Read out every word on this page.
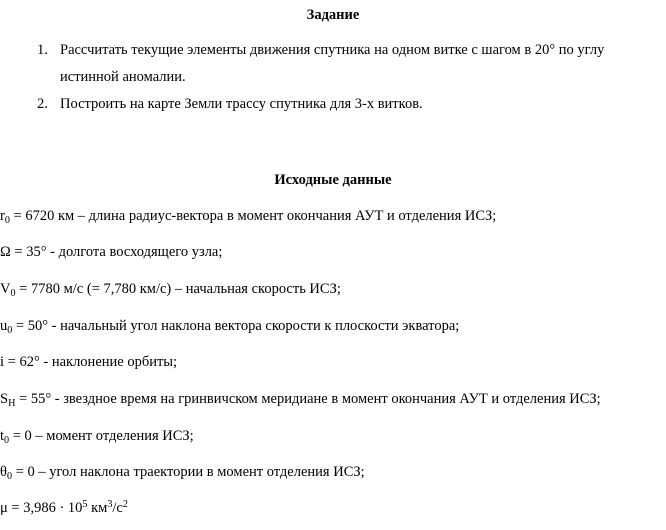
Задание
1. Рассчитать текущие элементы движения спутника на одном витке с шагом в 20° по углу
истинной аномалии.
2. Построить на карте Земли трассу спутника для 3-х витков.
Исходные данные
$r_0 = 6720$ км – длина радиус-вектора в момент окончания АУТ и отделения ИСЗ;
Ω = 35° - долгота восходящего узла;
$V_0 = 7780$ м/с (= 7,780 км/с) – начальная скорость ИСЗ;
$u_0 = 50^\circ$ - начальный угол наклона вектора скорости к плоскости экватора;
i = 62° - наклонение орбиты;
$S_H = 55^\circ$ - звездное время на гринвичском меридиане в момент окончания АУТ и отделения ИСЗ;
$t_0 = 0$ – момент отделения ИСЗ;
$\theta_0 = 0$ – угол наклона траектории в момент отделения ИСЗ;
$\mu = 3,986 \cdot 10^5$ $км^3/с^2$
